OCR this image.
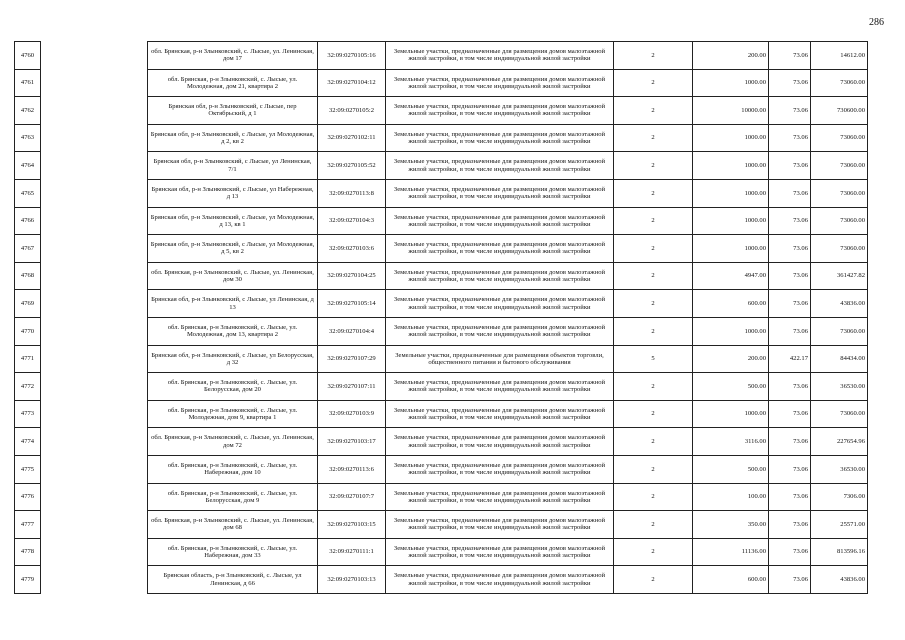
286
4760		обл. Брянская, р-н Злынковский, с. Лысые, ул. Ленинская, дом 17	32:09:0270105:16	Земельные участки, предназначенные для размещения домов малоэтажной жилой застройки, в том числе индивидуальной жилой застройки	2	200.00	73.06	14612.00
4761		обл. Брянская, р-н Злынковский, с. Лысые, ул. Молодежная, дом 21, квартира 2	32:09:0270104:12	Земельные участки, предназначенные для размещения домов малоэтажной жилой застройки, в том числе индивидуальной жилой застройки	2	1000.00	73.06	73060.00
4762		Брянская обл, р-н Злынковский, с Лысые, пер Октябрьский, д 1	32:09:0270105:2	Земельные участки, предназначенные для размещения домов малоэтажной жилой застройки, в том числе индивидуальной жилой застройки	2	10000.00	73.06	730600.00
4763		Брянская обл, р-н Злынковский, с Лысые, ул Молодежная, д 2, кв 2	32:09:0270102:11	Земельные участки, предназначенные для размещения домов малоэтажной жилой застройки, в том числе индивидуальной жилой застройки	2	1000.00	73.06	73060.00
4764		Брянская обл, р-н Злынковский, с Лысые, ул Ленинская, 7/1	32:09:0270105:52	Земельные участки, предназначенные для размещения домов малоэтажной жилой застройки, в том числе индивидуальной жилой застройки	2	1000.00	73.06	73060.00
4765		Брянская обл, р-н Злынковский, с Лысые, ул Набережная, д 13	32:09:0270113:8	Земельные участки, предназначенные для размещения домов малоэтажной жилой застройки, в том числе индивидуальной жилой застройки	2	1000.00	73.06	73060.00
4766		Брянская обл, р-н Злынковский, с Лысые, ул Молодежная, д 13, кв 1	32:09:0270104:3	Земельные участки, предназначенные для размещения домов малоэтажной жилой застройки, в том числе индивидуальной жилой застройки	2	1000.00	73.06	73060.00
4767		Брянская обл, р-н Злынковский, с Лысые, ул Молодежная, д 5, кв 2	32:09:0270103:6	Земельные участки, предназначенные для размещения домов малоэтажной жилой застройки, в том числе индивидуальной жилой застройки	2	1000.00	73.06	73060.00
4768		обл. Брянская, р-н Злынковский, с. Лысые, ул. Ленинская, дом 30	32:09:0270104:25	Земельные участки, предназначенные для размещения домов малоэтажной жилой застройки, в том числе индивидуальной жилой застройки	2	4947.00	73.06	361427.82
4769		Брянская обл, р-н Злынковский, с Лысые, ул Ленинская, д 13	32:09:0270105:14	Земельные участки, предназначенные для размещения домов малоэтажной жилой застройки, в том числе индивидуальной жилой застройки	2	600.00	73.06	43836.00
4770		обл. Брянская, р-н Злынковский, с. Лысые, ул. Молодежная, дом 13, квартира 2	32:09:0270104:4	Земельные участки, предназначенные для размещения домов малоэтажной жилой застройки, в том числе индивидуальной жилой застройки	2	1000.00	73.06	73060.00
4771		Брянская обл, р-н Злынковский, с Лысые, ул Белорусская, д 32	32:09:0270107:29	Земельные участки, предназначенные для размещения объектов торговли, общественного питания и бытового обслуживания	5	200.00	422.17	84434.00
4772		обл. Брянская, р-н Злынковский, с. Лысые, ул. Белорусская, дом 20	32:09:0270107:11	Земельные участки, предназначенные для размещения домов малоэтажной жилой застройки, в том числе индивидуальной жилой застройки	2	500.00	73.06	36530.00
4773		обл. Брянская, р-н Злынковский, с. Лысые, ул. Молодежная, дом 9, квартира 1	32:09:0270103:9	Земельные участки, предназначенные для размещения домов малоэтажной жилой застройки, в том числе индивидуальной жилой застройки	2	1000.00	73.06	73060.00
4774		обл. Брянская, р-н Злынковский, с. Лысые, ул. Ленинская, дом 72	32:09:0270103:17	Земельные участки, предназначенные для размещения домов малоэтажной жилой застройки, в том числе индивидуальной жилой застройки	2	3116.00	73.06	227654.96
4775		обл. Брянская, р-н Злынковский, с. Лысые, ул. Набережная, дом 10	32:09:0270113:6	Земельные участки, предназначенные для размещения домов малоэтажной жилой застройки, в том числе индивидуальной жилой застройки	2	500.00	73.06	36530.00
4776		обл. Брянская, р-н Злынковский, с. Лысые, ул. Белорусская, дом 9	32:09:0270107:7	Земельные участки, предназначенные для размещения домов малоэтажной жилой застройки, в том числе индивидуальной жилой застройки	2	100.00	73.06	7306.00
4777		обл. Брянская, р-н Злынковский, с. Лысые, ул. Ленинская, дом 68	32:09:0270103:15	Земельные участки, предназначенные для размещения домов малоэтажной жилой застройки, в том числе индивидуальной жилой застройки	2	350.00	73.06	25571.00
4778		обл. Брянская, р-н Злынковский, с. Лысые, ул. Набережная, дом 33	32:09:0270111:1	Земельные участки, предназначенные для размещения домов малоэтажной жилой застройки, в том числе индивидуальной жилой застройки	2	11136.00	73.06	813596.16
4779		Брянская область, р-н Злынковский, с. Лысые, ул Ленинская, д 66	32:09:0270103:13	Земельные участки, предназначенные для размещения домов малоэтажной жилой застройки, в том числе индивидуальной жилой застройки	2	600.00	73.06	43836.00
